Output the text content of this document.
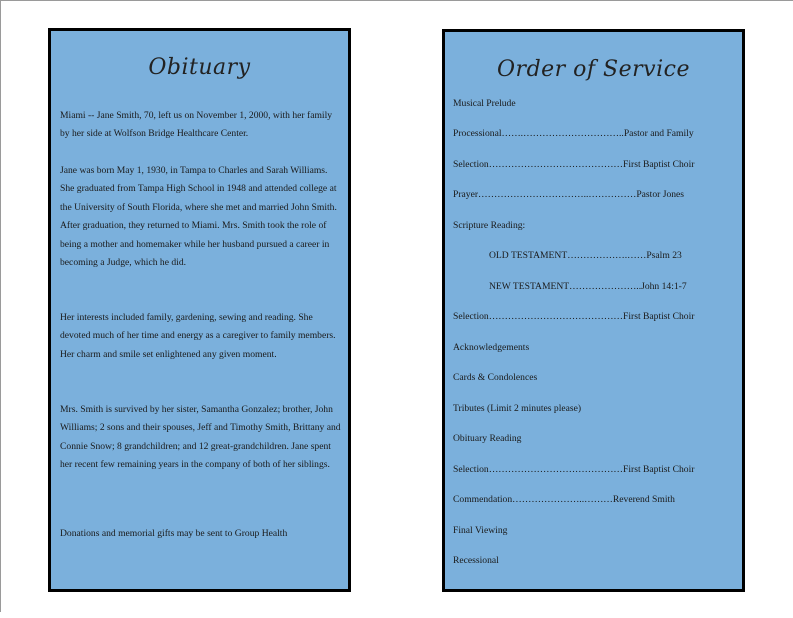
Obituary

Miami -- Jane Smith, 70, left us on November 1, 2000, with her family by her side at Wolfson Bridge Healthcare Center.

Jane was born May 1, 1930, in Tampa to Charles and Sarah Williams. She graduated from Tampa High School in 1948 and attended college at the University of South Florida, where she met and married John Smith. After graduation, they returned to Miami. Mrs. Smith took the role of being a mother and homemaker while her husband pursued a career in becoming a Judge, which he did.

Her interests included family, gardening, sewing and reading. She devoted much of her time and energy as a caregiver to family members. Her charm and smile set enlightened any given moment.

Mrs. Smith is survived by her sister, Samantha Gonzalez; brother, John Williams; 2 sons and their spouses, Jeff and Timothy Smith, Brittany and Connie Snow; 8 grandchildren; and 12 great-grandchildren. Jane spent her recent few remaining years in the company of both of her siblings.

Donations and memorial gifts may be sent to Group Health

Order of Service
Musical Prelude
Processional…….…………………………..Pastor and Family
Selection……………………………………First Baptist Choir
Prayer……………………………..……………Pastor Jones
Scripture Reading:
OLD TESTAMENT……………….……Psalm 23
NEW TESTAMENT…………………..John 14:1-7
Selection……………………………………First Baptist Choir
Acknowledgements
Cards & Condolences
Tributes (Limit 2 minutes please)
Obituary Reading
Selection……………………………………First Baptist Choir
Commendation…………………..………Reverend Smith
Final Viewing
Recessional
